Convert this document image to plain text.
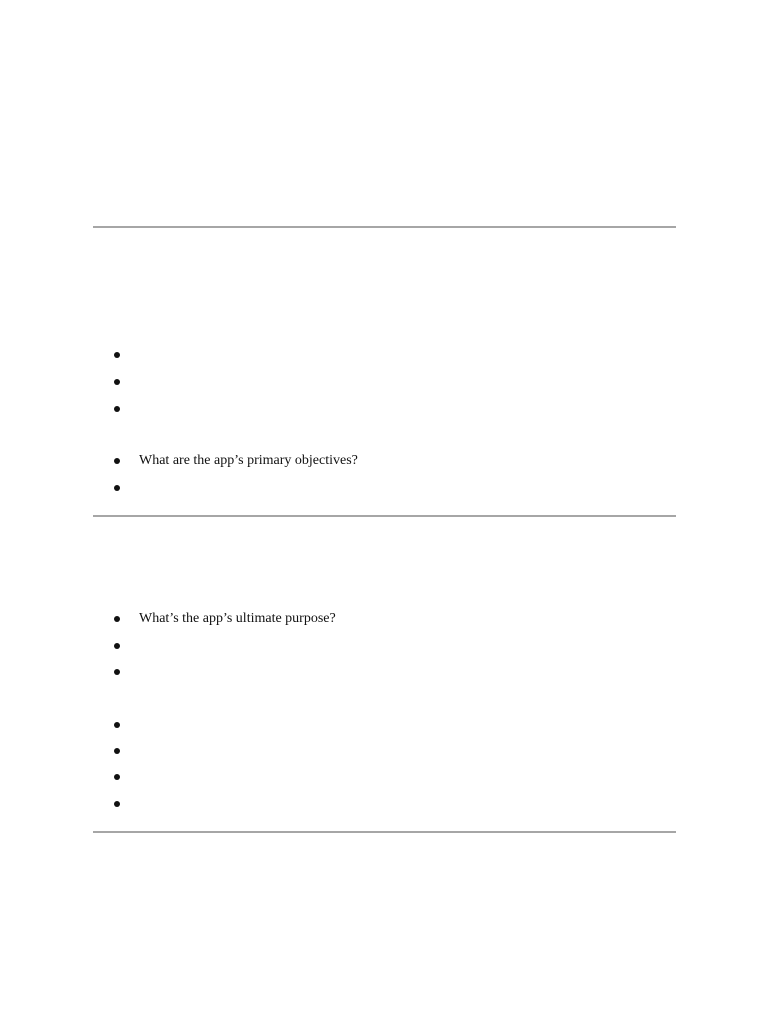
What are the app’s primary objectives?
What’s the app’s ultimate purpose?
